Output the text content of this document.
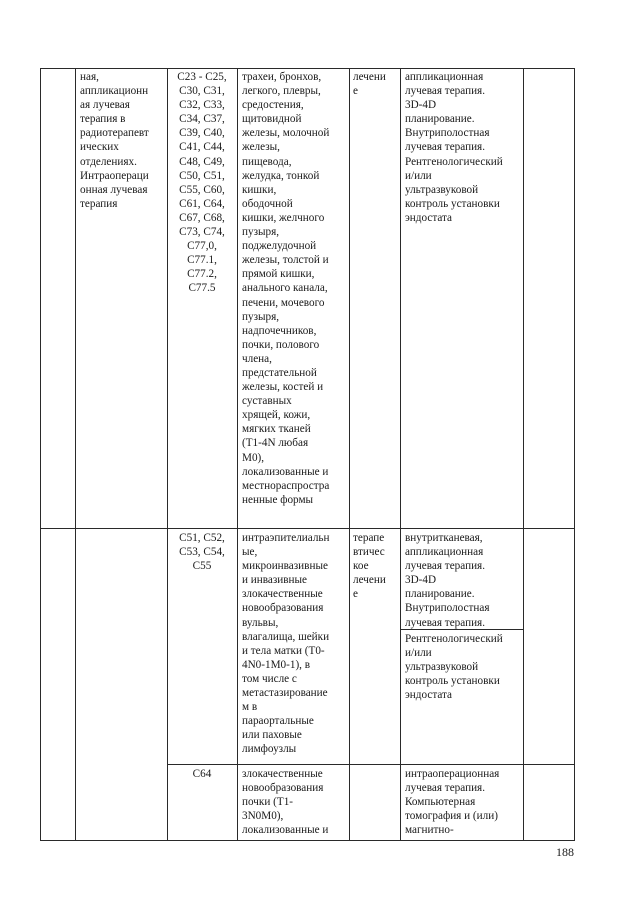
ная,
аппликационн
ая лучевая
терапия в
радиотерапевт
ических
отделениях.
Интраопераци
онная лучевая
терапия
C23 - C25,
C30, C31,
C32, C33,
C34, C37,
C39, C40,
C41, C44,
C48, C49,
C50, C51,
C55, C60,
C61, C64,
C67, C68,
C73, C74,
C77,0,
C77.1,
C77.2,
C77.5
трахеи, бронхов,
легкого, плевры,
средостения,
щитовидной
железы, молочной
железы,
пищевода,
желудка, тонкой
кишки,
ободочной
кишки, желчного
пузыря,
поджелудочной
железы, толстой и
прямой кишки,
анального канала,
печени, мочевого
пузыря,
надпочечников,
почки, полового
члена,
предстательной
железы, костей и
суставных
хрящей, кожи,
мягких тканей
(T1-4N любая
M0),
локализованные и
местнораспростра
ненные формы
лечени
е
аппликационная
лучевая терапия.
3D-4D
планирование.
Внутриполостная
лучевая терапия.
Рентгенологический
и/или
ультразвуковой
контроль установки
эндостата
C51, C52,
C53, C54,
C55
интраэпителиальн
ые,
микроинвазивные
и инвазивные
злокачественные
новообразования
вульвы,
влагалища, шейки
и тела матки (T0-
4N0-1M0-1), в
том числе с
метастазирование
м в
параортальные
или паховые
лимфоузлы
терапе
втичес
кое
лечени
е
внутритканевая,
аппликационная
лучевая терапия.
3D-4D
планирование.
Внутриполостная
лучевая терапия.
Рентгенологический
и/или
ультразвуковой
контроль установки
эндостата
C64	злокачественные
новообразования
почки (T1-
3N0M0),
локализованные и
интраоперационная
лучевая терапия.
Компьютерная
томография и (или)
магнитно-
188
